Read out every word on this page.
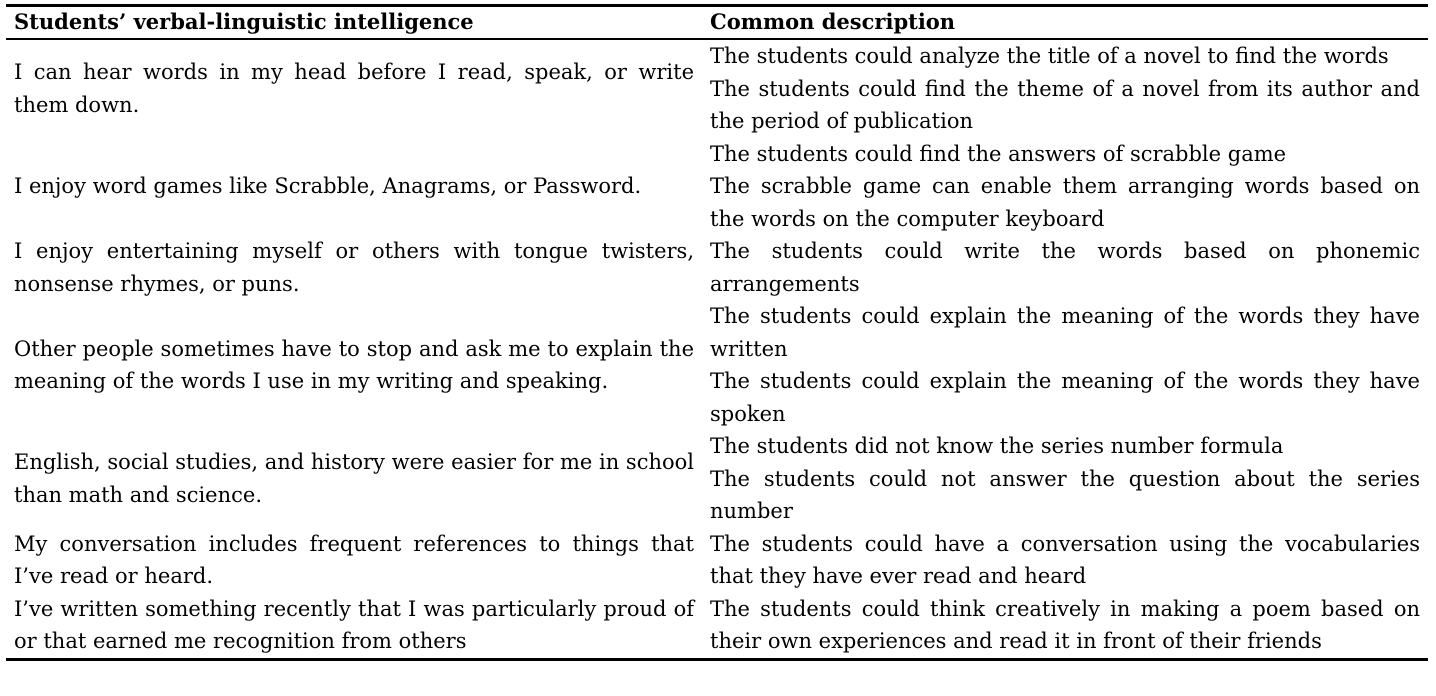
Students’ verbal-linguistic intelligence	Common description
I can hear words in my head before I read, speak, or write them down.	The students could analyze the title of a novel to find the words
The students could find the theme of a novel from its author and the period of publication

I enjoy word games like Scrabble, Anagrams, or Password.	The students could find the answers of scrabble game
The scrabble game can enable them arranging words based on the words on the computer keyboard

I enjoy entertaining myself or others with tongue twisters, nonsense rhymes, or puns.	The students could write the words based on phonemic arrangements

Other people sometimes have to stop and ask me to explain the meaning of the words I use in my writing and speaking.	The students could explain the meaning of the words they have written
The students could explain the meaning of the words they have spoken

English, social studies, and history were easier for me in school than math and science.	The students did not know the series number formula
The students could not answer the question about the series number

My conversation includes frequent references to things that I’ve read or heard.	The students could have a conversation using the vocabularies that they have ever read and heard

I’ve written something recently that I was particularly proud of or that earned me recognition from others	The students could think creatively in making a poem based on their own experiences and read it in front of their friends
